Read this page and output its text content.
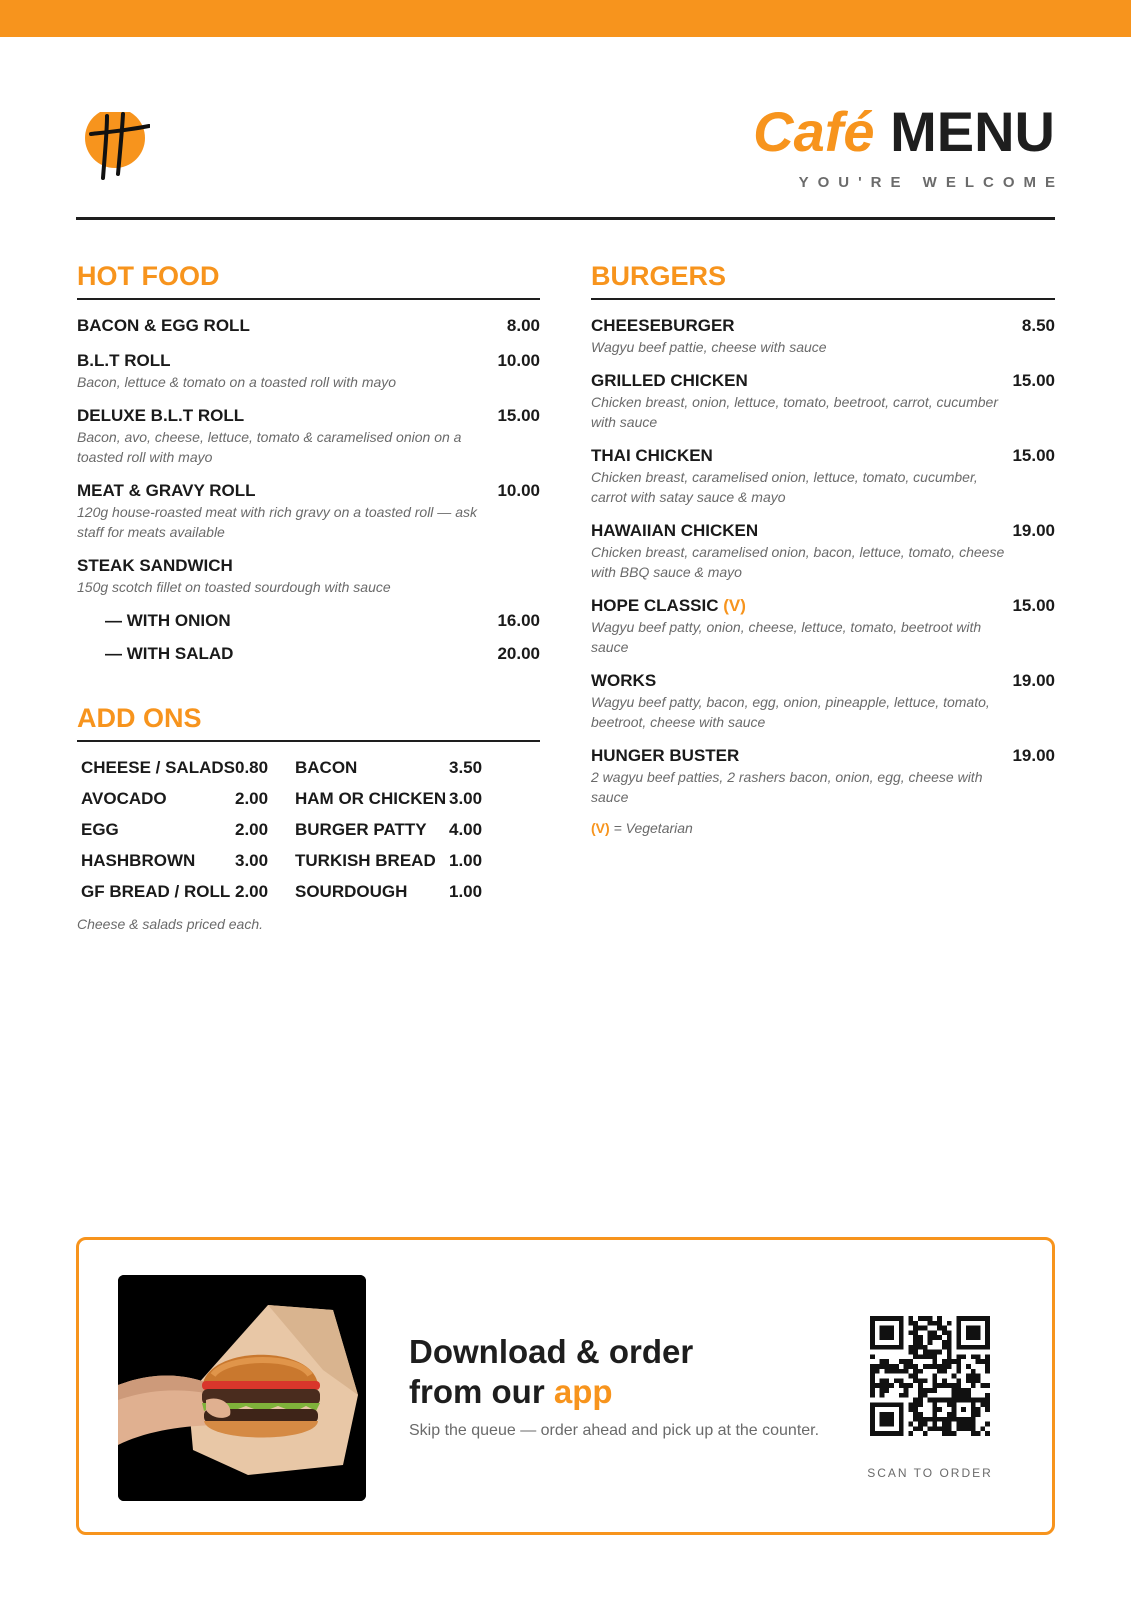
Café MENU
YOU'RE WELCOME
HOT FOOD
BACON & EGG ROLL	8.00
B.L.T ROLL	10.00
Bacon, lettuce & tomato on a toasted roll with mayo
DELUXE B.L.T ROLL	15.00
Bacon, avo, cheese, lettuce, tomato & caramelised onion on a toasted roll with mayo
MEAT & GRAVY ROLL	10.00
120g house-roasted meat with rich gravy on a toasted roll — ask staff for meats available
STEAK SANDWICH
150g scotch fillet on toasted sourdough with sauce
— WITH ONION	16.00
— WITH SALAD	20.00
ADD ONS
CHEESE / SALADS 0.80	BACON	3.50
AVOCADO	2.00	HAM OR CHICKEN 3.00
EGG	2.00	BURGER PATTY	4.00
HASHBROWN	3.00	TURKISH BREAD 1.00
GF BREAD / ROLL 2.00	SOURDOUGH	1.00
Cheese & salads priced each.
BURGERS
CHEESEBURGER	8.50
Wagyu beef pattie, cheese with sauce
GRILLED CHICKEN	15.00
Chicken breast, onion, lettuce, tomato, beetroot, carrot, cucumber with sauce
THAI CHICKEN	15.00
Chicken breast, caramelised onion, lettuce, tomato, cucumber, carrot with satay sauce & mayo
HAWAIIAN CHICKEN	19.00
Chicken breast, caramelised onion, bacon, lettuce, tomato, cheese with BBQ sauce & mayo
HOPE CLASSIC (V)	15.00
Wagyu beef patty, onion, cheese, lettuce, tomato, beetroot with sauce
WORKS	19.00
Wagyu beef patty, bacon, egg, onion, pineapple, lettuce, tomato, beetroot, cheese with sauce
HUNGER BUSTER	19.00
2 wagyu beef patties, 2 rashers bacon, onion, egg, cheese with sauce
(V) = Vegetarian
Download & order
from our app
Skip the queue — order ahead and pick up at the counter.
SCAN TO ORDER
